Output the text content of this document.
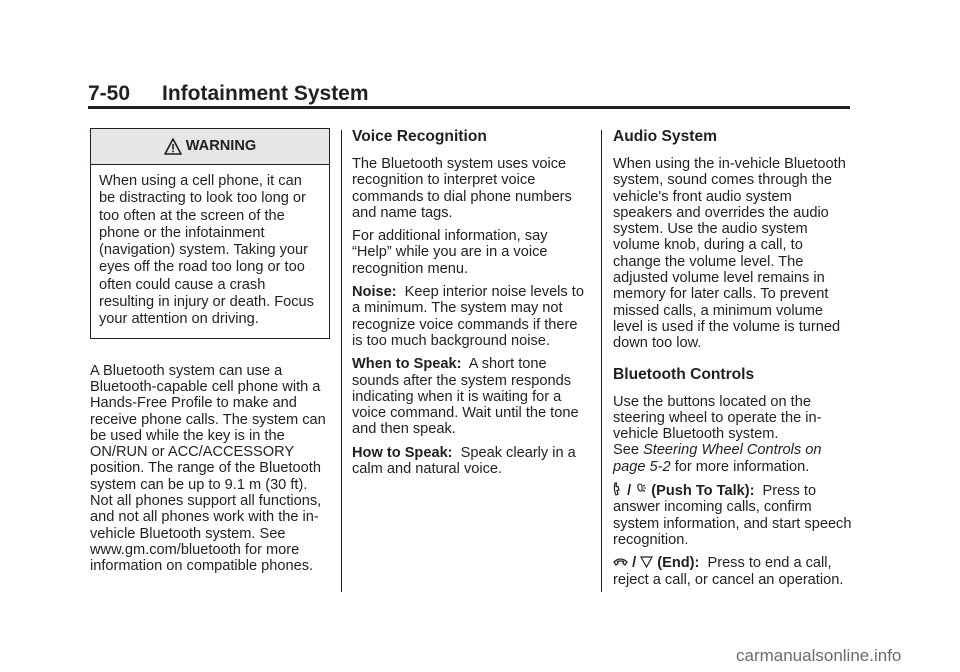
7-50 Infotainment System
WARNING
When using a cell phone, it can be distracting to look too long or too often at the screen of the phone or the infotainment (navigation) system. Taking your eyes off the road too long or too often could cause a crash resulting in injury or death. Focus your attention on driving.

A Bluetooth system can use a Bluetooth-capable cell phone with a Hands-Free Profile to make and receive phone calls. The system can be used while the key is in the ON/RUN or ACC/ACCESSORY position. The range of the Bluetooth system can be up to 9.1 m (30 ft). Not all phones support all functions, and not all phones work with the in-vehicle Bluetooth system. See www.gm.com/bluetooth for more information on compatible phones.

Voice Recognition

The Bluetooth system uses voice recognition to interpret voice commands to dial phone numbers and name tags.

For additional information, say “Help” while you are in a voice recognition menu.

Noise: Keep interior noise levels to a minimum. The system may not recognize voice commands if there is too much background noise.

When to Speak: A short tone sounds after the system responds indicating when it is waiting for a voice command. Wait until the tone and then speak.

How to Speak: Speak clearly in a calm and natural voice.

Audio System

When using the in-vehicle Bluetooth system, sound comes through the vehicle's front audio system speakers and overrides the audio system. Use the audio system volume knob, during a call, to change the volume level. The adjusted volume level remains in memory for later calls. To prevent missed calls, a minimum volume level is used if the volume is turned down too low.

Bluetooth Controls

Use the buttons located on the steering wheel to operate the in-vehicle Bluetooth system.
See Steering Wheel Controls on page 5-2 for more information.

/ (Push To Talk): Press to answer incoming calls, confirm system information, and start speech recognition.

/ (End): Press to end a call, reject a call, or cancel an operation.

carmanualsonline.info
